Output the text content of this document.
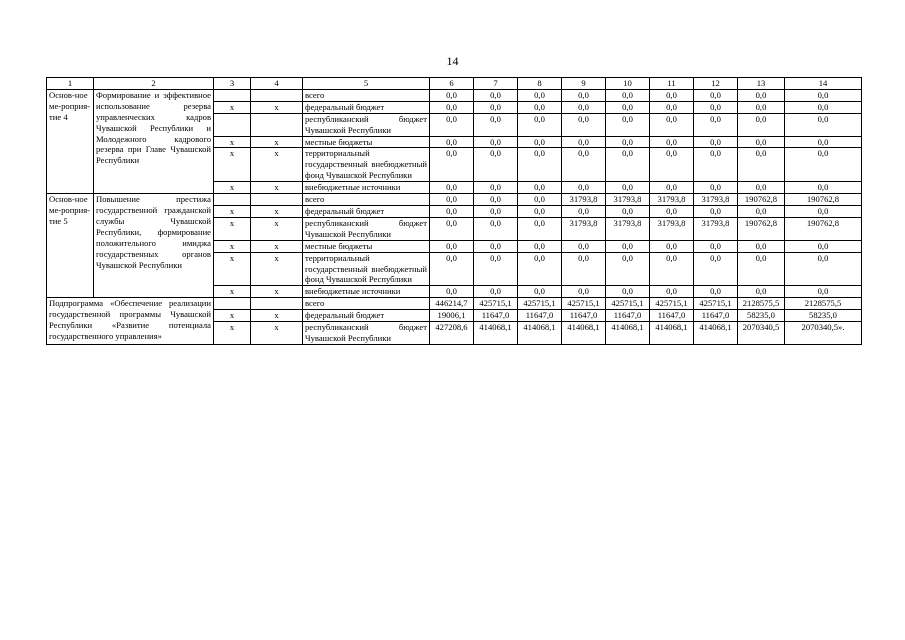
14
1	2	3	4	5	6	7	8	9	10	11	12	13	14
Основ-ное ме-роприя-тие 4	Формирование и эффективное использование резерва управленческих кадров Чувашской Республики и Молодежного кадрового резерва при Главе Чувашской Республики			всего	0,0	0,0	0,0	0,0	0,0	0,0	0,0	0,0	0,0
		х	х	федеральный бюджет	0,0	0,0	0,0	0,0	0,0	0,0	0,0	0,0	0,0
				республиканский бюджет Чувашской Республики	0,0	0,0	0,0	0,0	0,0	0,0	0,0	0,0	0,0
		х	х	местные бюджеты	0,0	0,0	0,0	0,0	0,0	0,0	0,0	0,0	0,0
		х	х	территориальный государственный внебюджетный фонд Чувашской Республики	0,0	0,0	0,0	0,0	0,0	0,0	0,0	0,0	0,0
		х	х	внебюджетные источники	0,0	0,0	0,0	0,0	0,0	0,0	0,0	0,0	0,0
Основ-ное ме-роприя-тие 5	Повышение престижа государственной гражданской службы Чувашской Республики, формирование положительного имиджа государственных органов Чувашской Республики			всего	0,0	0,0	0,0	31793,8	31793,8	31793,8	31793,8	190762,8	190762,8
		х	х	федеральный бюджет	0,0	0,0	0,0	0,0	0,0	0,0	0,0	0,0	0,0
		х	х	республиканский бюджет Чувашской Республики	0,0	0,0	0,0	31793,8	31793,8	31793,8	31793,8	190762,8	190762,8
		х	х	местные бюджеты	0,0	0,0	0,0	0,0	0,0	0,0	0,0	0,0	0,0
		х	х	территориальный государственный внебюджетный фонд Чувашской Республики	0,0	0,0	0,0	0,0	0,0	0,0	0,0	0,0	0,0
		х	х	внебюджетные источники	0,0	0,0	0,0	0,0	0,0	0,0	0,0	0,0	0,0
Подпрограмма «Обеспечение реализации государственной программы Чувашской Республики «Развитие потенциала государственного управления»				всего	446214,7	425715,1	425715,1	425715,1	425715,1	425715,1	425715,1	2128575,5	2128575,5
		х	х	федеральный бюджет	19006,1	11647,0	11647,0	11647,0	11647,0	11647,0	11647,0	58235,0	58235,0
		х	х	республиканский бюджет Чувашской Республики	427208,6	414068,1	414068,1	414068,1	414068,1	414068,1	414068,1	2070340,5	2070340,5».
